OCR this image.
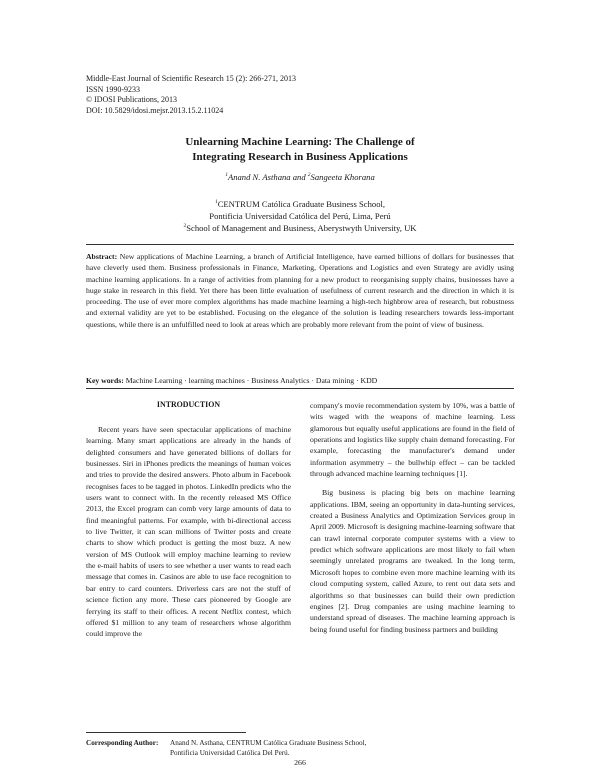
Middle-East Journal of Scientific Research 15 (2): 266-271, 2013
ISSN 1990-9233
© IDOSI Publications, 2013
DOI: 10.5829/idosi.mejsr.2013.15.2.11024
Unlearning Machine Learning: The Challenge of
Integrating Research in Business Applications
$^1$Anand N. Asthana and $^2$Sangeeta Khorana
$^1$CENTRUM Católica Graduate Business School,
Pontificia Universidad Católica del Perú, Lima, Perú
$^2$School of Management and Business, Aberystwyth University, UK
Abstract: New applications of Machine Learning, a branch of Artificial Intelligence, have earned billions of dollars for businesses that have cleverly used them. Business professionals in Finance, Marketing, Operations and Logistics and even Strategy are avidly using machine learning applications. In a range of activities from planning for a new product to reorganising supply chains, businesses have a huge stake in research in this field. Yet there has been little evaluation of usefulness of current research and the direction in which it is proceeding. The use of ever more complex algorithms has made machine learning a high-tech highbrow area of research, but robustness and external validity are yet to be established. Focusing on the elegance of the solution is leading researchers towards less-important questions, while there is an unfulfilled need to look at areas which are probably more relevant from the point of view of business.
Key words: Machine Learning · learning machines · Business Analytics · Data mining · KDD
INTRODUCTION

Recent years have seen spectacular applications of machine learning. Many smart applications are already in the hands of delighted consumers and have generated billions of dollars for businesses. Siri in iPhones predicts the meanings of human voices and tries to provide the desired answers. Photo album in Facebook recognises faces to be tagged in photos. LinkedIn predicts who the users want to connect with. In the recently released MS Office 2013, the Excel program can comb very large amounts of data to find meaningful patterns. For example, with bi-directional access to live Twitter, it can scan millions of Twitter posts and create charts to show which product is getting the most buzz. A new version of MS Outlook will employ machine learning to review the e-mail habits of users to see whether a user wants to read each message that comes in. Casinos are able to use face recognition to bar entry to card counters. Driverless cars are not the stuff of science fiction any more. These cars pioneered by Google are ferrying its staff to their offices. A recent Netflix contest, which offered $1 million to any team of researchers whose algorithm could improve the

company's movie recommendation system by 10%, was a battle of wits waged with the weapons of machine learning. Less glamorous but equally useful applications are found in the field of operations and logistics like supply chain demand forecasting. For example, forecasting the manufacturer's demand under information asymmetry – the bullwhip effect – can be tackled through advanced machine learning techniques [1].

Big business is placing big bets on machine learning applications. IBM, seeing an opportunity in data-hunting services, created a Business Analytics and Optimization Services group in April 2009. Microsoft is designing machine-learning software that can trawl internal corporate computer systems with a view to predict which software applications are most likely to fail when seemingly unrelated programs are tweaked. In the long term, Microsoft hopes to combine even more machine learning with its cloud computing system, called Azure, to rent out data sets and algorithms so that businesses can build their own prediction engines [2]. Drug companies are using machine learning to understand spread of diseases. The machine learning approach is being found useful for finding business partners and building

Corresponding Author: Anand N. Asthana, CENTRUM Católica Graduate Business School,
Pontificia Universidad Católica Del Perú.
266
